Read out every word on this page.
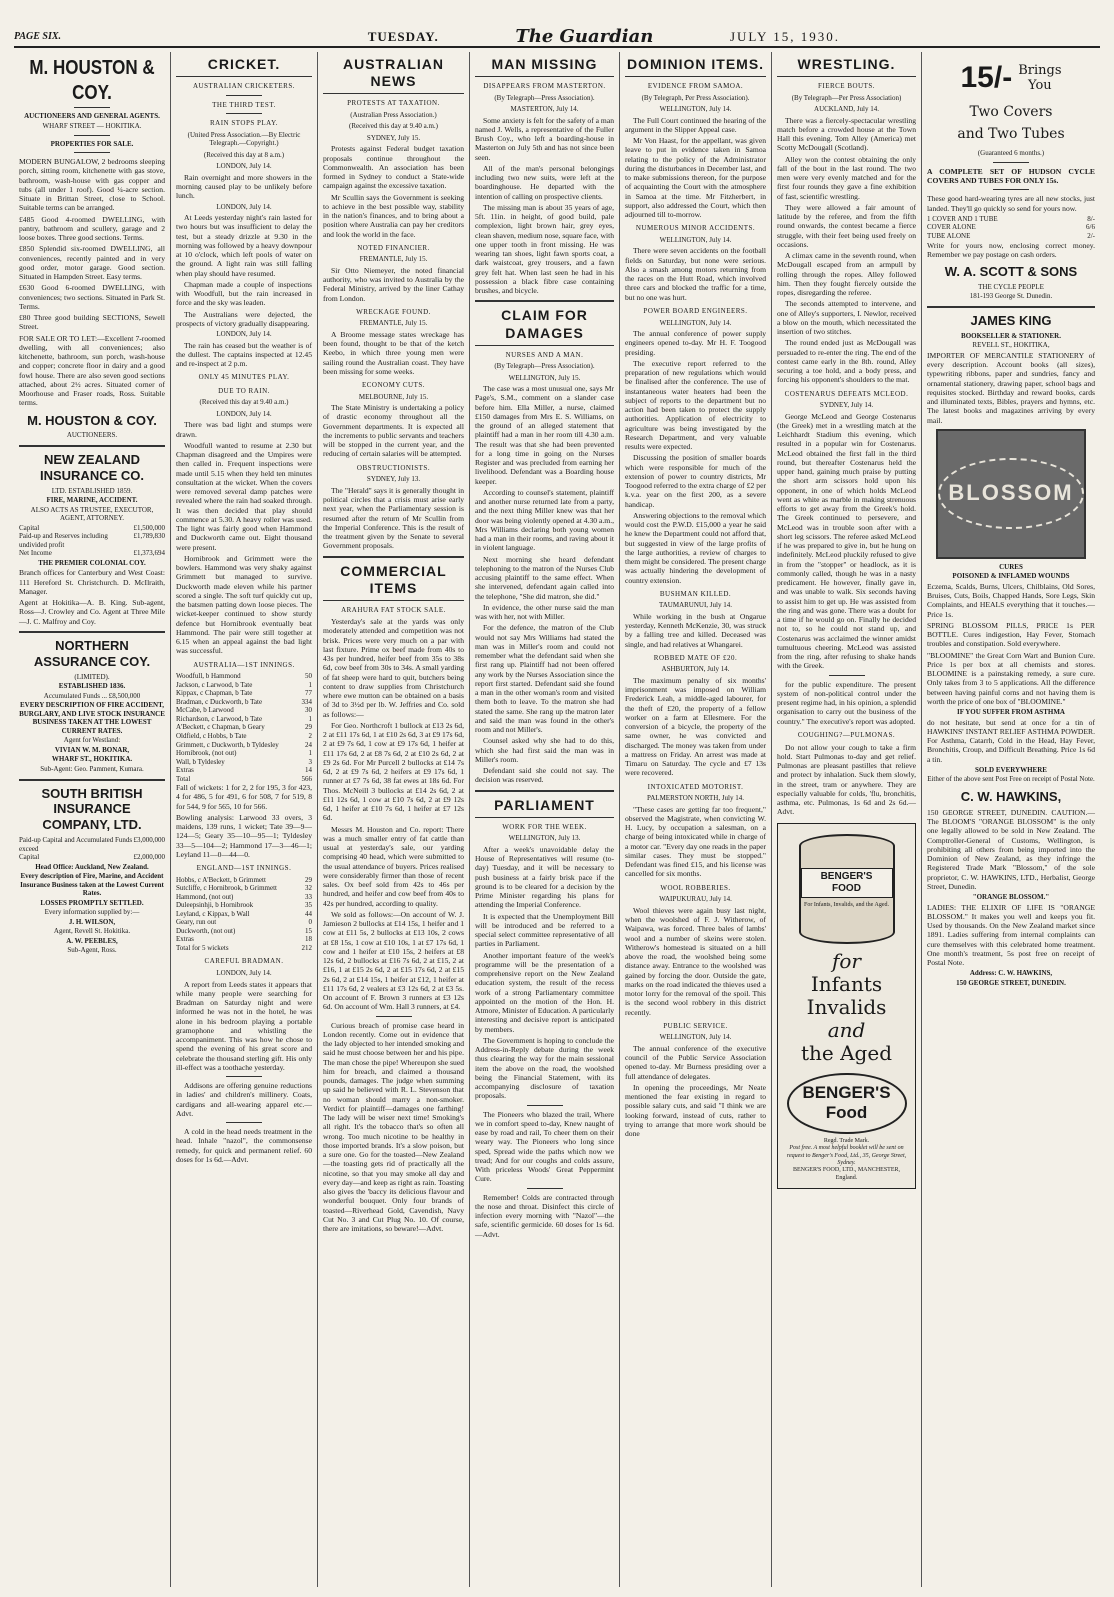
PAGE SIX.	TUESDAY.	The Guardian	JULY 15, 1930.
M. HOUSTON & COY.
AUCTIONEERS AND GENERAL AGENTS.
WHARF STREET — HOKITIKA.
PROPERTIES FOR SALE.

MODERN BUNGALOW, 2 bedrooms sleeping porch, sitting room, kitchenette with gas stove, bathroom, wash-house with gas copper and tubs (all under 1 roof). Good ¼-acre section. Situate in Brittan Street, close to School. Suitable terms can be arranged.

£485 Good 4-roomed DWELLING, with pantry, bathroom and scullery, garage and 2 loose boxes. Three good sections. Terms.

£850 Splendid six-roomed DWELLING, all conveniences, recently painted and in very good order, motor garage. Good section. Situated in Hampden Street. Easy terms.

£630 Good 6-roomed DWELLING, with conveniences; two sections. Situated in Park St. Terms.

£80 Three good building SECTIONS, Sewell Street.

FOR SALE OR TO LET:—Excellent 7-roomed dwelling, with all conveniences; also kitchenette, bathroom, sun porch, wash-house and copper; concrete floor in dairy and a good fowl house. There are also seven good sections attached, about 2½ acres. Situated corner of Moorhouse and Fraser roads, Ross. Suitable terms.

M. HOUSTON & COY.
AUCTIONEERS.
NEW ZEALAND INSURANCE CO.
LTD. ESTABLISHED 1859.
FIRE, MARINE, ACCIDENT.
ALSO ACTS AS TRUSTEE, EXECUTOR, AGENT, ATTORNEY.
Capital	£1,500,000
Paid-up and Reserves including undivided profit
£1,789,830
Net Income	£1,373,694
THE PREMIER COLONIAL COY.

Branch offices for Canterbury and West Coast: 111 Hereford St. Christchurch. D. McIlraith, Manager.

Agent at Hokitika—A. B. King. Sub-agent, Ross—J. Crowley and Co. Agent at Three Mile—J. C. Malfroy and Coy.

NORTHERN ASSURANCE COY.
(LIMITED).
ESTABLISHED 1836.
Accumulated Funds ... £8,500,000
EVERY DESCRIPTION OF FIRE ACCIDENT, BURGLARY, AND LIVE STOCK INSURANCE BUSINESS TAKEN AT THE LOWEST CURRENT RATES.
Agent for Westland:
VIVIAN W. M. BONAR,
WHARF ST., HOKITIKA.
Sub-Agent: Geo. Pamment, Kumara.
SOUTH BRITISH INSURANCE COMPANY, LTD.
Paid-up Capital and Accumulated Funds exceed
£3,000,000
Capital	£2,000,000
Head Office: Auckland, New Zealand.
Every description of Fire, Marine, and Accident Insurance Business taken at the Lowest Current Rates.
LOSSES PROMPTLY SETTLED.
Every information supplied by:—
J. H. WILSON,
Agent, Revell St. Hokitika.
A. W. PEEBLES,
Sub-Agent, Ross.
CRICKET.
AUSTRALIAN CRICKETERS.
THE THIRD TEST.
RAIN STOPS PLAY.
(United Press Association.—By Electric Telegraph.—Copyright.)
(Received this day at 8 a.m.)
LONDON, July 14.

Rain overnight and more showers in the morning caused play to be unlikely before lunch.

LONDON, July 14.

At Leeds yesterday night's rain lasted for two hours but was insufficient to delay the test, but a steady drizzle at 9.30 in the morning was followed by a heavy downpour at 10 o'clock, which left pools of water on the ground. A light rain was still falling when play should have resumed.

Chapman made a couple of inspections with Woodfull, but the rain increased in force and the sky was leaden.

The Australians were dejected, the prospects of victory gradually disappearing.

LONDON, July 14.

The rain has ceased but the weather is of the dullest. The captains inspected at 12.45 and re-inspect at 2 p.m.

ONLY 45 MINUTES PLAY.
DUE TO RAIN.
(Received this day at 9.40 a.m.)
LONDON, July 14.

There was bad light and stumps were drawn.

Woodfull wanted to resume at 2.30 but Chapman disagreed and the Umpires were then called in. Frequent inspections were made until 5.15 when they held ten minutes consultation at the wicket. When the covers were removed several damp patches were revealed where the rain had soaked through. It was then decided that play should commence at 5.30. A heavy roller was used. The light was fairly good when Hammond and Duckworth came out. Eight thousand were present.

Hornibrook and Grimmett were the bowlers. Hammond was very shaky against Grimmett but managed to survive. Duckworth made eleven while his partner scored a single. The soft turf quickly cut up, the batsmen patting down loose pieces. The wicket-keeper continued to show sturdy defence but Hornibrook eventually beat Hammond. The pair were still together at 6.15 when an appeal against the bad light was successful.

AUSTRALIA—1ST INNINGS.
Woodfull, b Hammond	50
Jackson, c Larwood, b Tate	1
Kippax, c Chapman, b Tate	77
Bradman, c Duckworth, b Tate	334
McCabe, b Larwood	30
Richardson, c Larwood, b Tate	1
A'Beckett, c Chapman, b Geary	29
Oldfield, c Hobbs, b Tate	2
Grimmett, c Duckworth, b Tyldesley	24
Hornibrook, (not out)	1
Wall, b Tyldesley	3
Extras	14
Total	566

Fall of wickets: 1 for 2, 2 for 195, 3 for 423, 4 for 486, 5 for 491, 6 for 508, 7 for 519, 8 for 544, 9 for 565, 10 for 566.

Bowling analysis: Larwood 33 overs, 3 maidens, 139 runs, 1 wicket; Tate 39—9—124—5; Geary 35—10—95—1; Tyldesley 33—5—104—2; Hammond 17—3—46—1; Leyland 11—0—44—0.

ENGLAND—1ST INNINGS.
Hobbs, c A'Beckett, b Grimmett	29
Sutcliffe, c Hornibrook, b Grimmett	32
Hammond, (not out)	33
Duleepsinhji, b Hornibrook	35
Leyland, c Kippax, b Wall	44
Geary, run out	0
Duckworth, (not out)	15
Extras	18
Total for 5 wickets	212
CAREFUL BRADMAN.
LONDON, July 14.

A report from Leeds states it appears that while many people were searching for Bradman on Saturday night and were informed he was not in the hotel, he was alone in his bedroom playing a portable gramophone and whistling the accompaniment. This was how he chose to spend the evening of his great score and celebrate the thousand sterling gift. His only ill-effect was a toothache yesterday.

Addisons are offering genuine reductions in ladies' and children's millinery. Coats, cardigans and all-wearing apparel etc.—Advt.

A cold in the head needs treatment in the head. Inhale "nazol", the commonsense remedy, for quick and permanent relief. 60 doses for 1s 6d.—Advt.

AUSTRALIAN NEWS
PROTESTS AT TAXATION.
(Australian Press Association.)
(Received this day at 9.40 a.m.)
SYDNEY, July 15.

Protests against Federal budget taxation proposals continue throughout the Commonwealth. An association has been formed in Sydney to conduct a State-wide campaign against the excessive taxation.

Mr Scullin says the Government is seeking to achieve in the best possible way, stability in the nation's finances, and to bring about a position where Australia can pay her creditors and look the world in the face.

NOTED FINANCIER.
FREMANTLE, July 15.

Sir Otto Niemeyer, the noted financial authority, who was invited to Australia by the Federal Ministry, arrived by the liner Cathay from London.

WRECKAGE FOUND.
FREMANTLE, July 15.

A Broome message states wreckage has been found, thought to be that of the ketch Keebo, in which three young men were sailing round the Australian coast. They have been missing for some weeks.

ECONOMY CUTS.
MELBOURNE, July 15.

The State Ministry is undertaking a policy of drastic economy throughout all the Government departments. It is expected all the increments to public servants and teachers will be stopped in the current year, and the reducing of certain salaries will be attempted.

OBSTRUCTIONISTS.
SYDNEY, July 13.

The "Herald" says it is generally thought in political circles that a crisis must arise early next year, when the Parliamentary session is resumed after the return of Mr Scullin from the Imperial Conference. This is the result of the treatment given by the Senate to several Government proposals.

COMMERCIAL ITEMS
ARAHURA FAT STOCK SALE.

Yesterday's sale at the yards was only moderately attended and competition was not brisk. Prices were very much on a par with last fixture. Prime ox beef made from 40s to 43s per hundred, heifer beef from 35s to 38s 6d, cow beef from 30s to 34s. A small yarding of fat sheep were hard to quit, butchers being content to draw supplies from Christchurch where ewe mutton can be obtained on a basis of 3d to 3½d per lb. W. Jeffries and Co. sold as follows:—

For Geo. Northcroft 1 bullock at £13 2s 6d, 2 at £11 17s 6d, 1 at £10 2s 6d, 3 at £9 17s 6d, 2 at £9 7s 6d, 1 cow at £9 17s 6d, 1 heifer at £11 17s 6d, 2 at £8 7s 6d, 2 at £10 2s 6d, 2 at £9 2s 6d. For Mr Purcell 2 bullocks at £14 7s 6d, 2 at £9 7s 6d, 2 heifers at £9 17s 6d, 1 runner at £7 7s 6d, 38 fat ewes at 18s 6d. For Thos. McNeill 3 bullocks at £14 2s 6d, 2 at £11 12s 6d, 1 cow at £10 7s 6d, 2 at £9 12s 6d, 1 heifer at £10 7s 6d, 1 heifer at £7 12s 6d.

Messrs M. Houston and Co. report: There was a much smaller entry of fat cattle than usual at yesterday's sale, our yarding comprising 40 head, which were submitted to the usual attendance of buyers. Prices realised were considerably firmer than those of recent sales. Ox beef sold from 42s to 46s per hundred, and heifer and cow beef from 40s to 42s per hundred, according to quality.

We sold as follows:—On account of W. J. Jamieson 2 bullocks at £14 15s, 1 heifer and 1 cow at £11 5s, 2 bullocks at £13 10s, 2 cows at £8 15s, 1 cow at £10 10s, 1 at £7 17s 6d, 1 cow and 1 heifer at £10 15s, 2 heifers at £8 12s 6d, 2 bullocks at £16 7s 6d, 2 at £15, 2 at £16, 1 at £15 2s 6d, 2 at £15 17s 6d, 2 at £15 2s 6d, 2 at £14 15s, 1 heifer at £12, 1 heifer at £11 17s 6d, 2 vealers at £3 12s 6d, 2 at £3 5s. On account of F. Brown 3 runners at £3 12s 6d. On account of Wm. Hall 3 runners, at £4.

Curious breach of promise case heard in London recently. Come out in evidence that the lady objected to her intended smoking and said he must choose between her and his pipe. The man chose the pipe! Whereupon she sued him for breach, and claimed a thousand pounds, damages. The judge when summing up said he believed with R. L. Stevenson that no woman should marry a non-smoker. Verdict for plaintiff—damages one farthing! The lady will be wiser next time! Smoking's all right. It's the tobacco that's so often all wrong. Too much nicotine to be healthy in those imported brands. It's a slow poison, but a sure one. Go for the toasted—New Zealand—the toasting gets rid of practically all the nicotine, so that you may smoke all day and every day—and keep as right as rain. Toasting also gives the 'baccy its delicious flavour and wonderful bouquet. Only four brands of toasted—Riverhead Gold, Cavendish, Navy Cut No. 3 and Cut Plug No. 10. Of course, there are imitations, so beware!—Advt.

MAN MISSING
DISAPPEARS FROM MASTERTON.
(By Telegraph—Press Association).
MASTERTON, July 14.

Some anxiety is felt for the safety of a man named J. Wells, a representative of the Fuller Brush Coy., who left a boarding-house in Masterton on July 5th and has not since been seen.

All of the man's personal belongings including two new suits, were left at the boardinghouse. He departed with the intention of calling on prospective clients.

The missing man is about 35 years of age, 5ft. 11in. in height, of good build, pale complexion, light brown hair, grey eyes, clean shaven, medium nose, square face, with one upper tooth in front missing. He was wearing tan shoes, light fawn sports coat, a dark waistcoat, grey trousers, and a fawn grey felt hat. When last seen he had in his possession a black fibre case containing brushes, and bicycle.

CLAIM FOR DAMAGES
NURSES AND A MAN.
(By Telegraph—Press Association).
WELLINGTON, July 15.

The case was a most unusual one, says Mr Page's, S.M., comment on a slander case before him. Ella Miller, a nurse, claimed £150 damages from Mrs E. S. Williams, on the ground of an alleged statement that plaintiff had a man in her room till 4.30 a.m. The result was that she had been prevented for a long time in going on the Nurses Register and was precluded from earning her livelihood. Defendant was a Boarding house keeper.

According to counsel's statement, plaintiff and another nurse returned late from a party, and the next thing Miller knew was that her door was being violently opened at 4.30 a.m., Mrs Williams declaring both young women had a man in their rooms, and raving about it in violent language.

Next morning she heard defendant telephoning to the matron of the Nurses Club accusing plaintiff to the same effect. When she intervened, defendant again called into the telephone, "She did matron, she did."

In evidence, the other nurse said the man was with her, not with Miller.

For the defence, the matron of the Club would not say Mrs Williams had stated the man was in Miller's room and could not remember what the defendant said when she first rang up. Plaintiff had not been offered any work by the Nurses Association since the report first started. Defendant said she found a man in the other woman's room and visited them both to leave. To the matron she had stated the same. She rang up the matron later and said the man was found in the other's room and not Miller's.

Counsel asked why she had to do this, which she had first said the man was in Miller's room.

Defendant said she could not say. The decision was reserved.

PARLIAMENT
WORK FOR THE WEEK.
WELLINGTON, July 13.

After a week's unavoidable delay the House of Representatives will resume (to-day) Tuesday, and it will be necessary to push business at a fairly brisk pace if the ground is to be cleared for a decision by the Prime Minister regarding his plans for attending the Imperial Conference.

It is expected that the Unemployment Bill will be introduced and be referred to a special select committee representative of all parties in Parliament.

Another important feature of the week's programme will be the presentation of a comprehensive report on the New Zealand education system, the result of the recess work of a strong Parliamentary committee appointed on the motion of the Hon. H. Atmore, Minister of Education. A particularly interesting and decisive report is anticipated by members.

The Government is hoping to conclude the Address-in-Reply debate during the week thus clearing the way for the main sessional item the above on the road, the woolshed being the Financial Statement, with its accompanying disclosure of taxation proposals.

The Pioneers who blazed the trail, Where we in comfort speed to-day, Knew naught of ease by road and rail, To cheer them on their weary way. The Pioneers who long since sped, Spread wide the paths which now we tread; And for our coughs and colds assure, With priceless Woods' Great Peppermint Cure.

Remember! Colds are contracted through the nose and throat. Disinfect this circle of infection every morning with "Nazol"—the safe, scientific germicide. 60 doses for 1s 6d.—Advt.

DOMINION ITEMS.
EVIDENCE FROM SAMOA.
(By Telegraph, Per Press Association).
WELLINGTON, July 14.

The Full Court continued the hearing of the argument in the Slipper Appeal case.

Mr Von Haast, for the appellant, was given leave to put in evidence taken in Samoa relating to the policy of the Administrator during the disturbances in December last, and to make submissions thereon, for the purpose of acquainting the Court with the atmosphere in Samoa at the time. Mr Fitzherbert, in support, also addressed the Court, which then adjourned till to-morrow.

NUMEROUS MINOR ACCIDENTS.
WELLINGTON, July 14.

There were seven accidents on the football fields on Saturday, but none were serious. Also a smash among motors returning from the races on the Hutt Road, which involved three cars and blocked the traffic for a time, but no one was hurt.

POWER BOARD ENGINEERS.
WELLINGTON, July 14.

The annual conference of power supply engineers opened to-day. Mr H. F. Toogood presiding.

The executive report referred to the preparation of new regulations which would be finalised after the conference. The use of instantaneous water heaters had been the subject of reports to the department but no action had been taken to protect the supply authorities. Application of electricity to agriculture was being investigated by the Research Department, and very valuable results were expected.

Discussing the position of smaller boards which were responsible for much of the extension of power to country districts, Mr Toogood referred to the extra charge of £2 per k.v.a. year on the first 200, as a severe handicap.

Answering objections to the removal which would cost the P.W.D. £15,000 a year he said he knew the Department could not afford that, but suggested in view of the large profits of the large authorities, a review of charges to them might be considered. The present charge was actually hindering the development of country extension.

BUSHMAN KILLED.
TAUMARUNUI, July 14.

While working in the bush at Ongarue yesterday, Kenneth McKenzie, 30, was struck by a falling tree and killed. Deceased was single, and had relatives at Whangarei.

ROBBED MATE OF £20.
ASHBURTON, July 14.

The maximum penalty of six months' imprisonment was imposed on William Frederick Leah, a middle-aged labourer, for the theft of £20, the property of a fellow worker on a farm at Ellesmere. For the conversion of a bicycle, the property of the same owner, he was convicted and discharged. The money was taken from under a mattress on Friday. An arrest was made at Timaru on Saturday. The cycle and £7 13s were recovered.

INTOXICATED MOTORIST.
PALMERSTON NORTH, July 14.

"These cases are getting far too frequent," observed the Magistrate, when convicting W. H. Lucy, by occupation a salesman, on a charge of being intoxicated while in charge of a motor car. "Every day one reads in the paper similar cases. They must be stopped." Defendant was fined £15, and his license was cancelled for six months.

WOOL ROBBERIES.
WAIPUKURAU, July 14.

Wool thieves were again busy last night, when the woolshed of F. J. Witherow, of Waipawa, was forced. Three bales of lambs' wool and a number of skeins were stolen. Witherow's homestead is situated on a hill above the road, the woolshed being some distance away. Entrance to the woolshed was gained by forcing the door. Outside the gate, marks on the road indicated the thieves used a motor lorry for the removal of the spoil. This is the second wool robbery in this district recently.

PUBLIC SERVICE.
WELLINGTON, July 14.

The annual conference of the executive council of the Public Service Association opened to-day. Mr Burness presiding over a full attendance of delegates.

In opening the proceedings, Mr Neate mentioned the fear existing in regard to possible salary cuts, and said "I think we are looking forward, instead of cuts, rather to trying to arrange that more work should be done

WRESTLING.
FIERCE BOUTS.
(By Telegraph—Per Press Association)
AUCKLAND, July 14.

There was a fiercely-spectacular wrestling match before a crowded house at the Town Hall this evening. Tom Alley (America) met Scotty McDougall (Scotland).

Alley won the contest obtaining the only fall of the bout in the last round. The two men were very evenly matched and for the first four rounds they gave a fine exhibition of fast, scientific wrestling.

They were allowed a fair amount of latitude by the referee, and from the fifth round onwards, the contest became a fierce struggle, with their feet being used freely on occasions.

A climax came in the seventh round, when McDougall escaped from an armpull by rolling through the ropes. Alley followed him. Then they fought fiercely outside the ropes, disregarding the referee.

The seconds attempted to intervene, and one of Alley's supporters, I. Newlor, received a blow on the mouth, which necessitated the insertion of two stitches.

The round ended just as McDougall was persuaded to re-enter the ring. The end of the contest came early in the 8th. round, Alley securing a toe hold, and a body press, and forcing his opponent's shoulders to the mat.

COSTENARUS DEFEATS MCLEOD.
SYDNEY, July 14.

George McLeod and George Costenarus (the Greek) met in a wrestling match at the Leichhardt Stadium this evening, which resulted in a popular win for Costenarus. McLeod obtained the first fall in the third round, but thereafter Costenarus held the upper hand, gaining much praise by putting the short arm scissors hold upon his opponent, in one of which holds McLeod went as white as marble in making strenuous efforts to get away from the Greek's hold. The Greek continued to persevere, and McLeod was in trouble soon after with a short leg scissors. The referee asked McLeod if he was prepared to give in, but he hung on indefinitely. McLeod pluckily refused to give in from the "stopper" or headlock, as it is commonly called, though he was in a nasty predicament. He however, finally gave in, and was unable to walk. Six seconds having to assist him to get up. He was assisted from the ring and was gone. There was a doubt for a time if he would go on. Finally he decided not to, so he could not stand up, and Costenarus was acclaimed the winner amidst tumultuous cheering. McLeod was assisted from the ring, after refusing to shake hands with the Greek.

for the public expenditure. The present system of non-political control under the present regime had, in his opinion, a splendid organisation to carry out the business of the country." The executive's report was adopted.

COUGHING?—PULMONAS.

Do not allow your cough to take a firm hold. Start Pulmonas to-day and get relief. Pulmonas are pleasant pastilles that relieve and protect by inhalation. Suck them slowly, in the street, tram or anywhere. They are especially valuable for colds, 'flu, bronchitis, asthma, etc. Pulmonas, 1s 6d and 2s 6d.—Advt.

BENGER'S FOOD
For Infants, Invalids, and the Aged.
for
Infants
Invalids
and
the Aged
BENGER'S Food
Regd. Trade Mark.
Post free. A most helpful booklet will be sent on request to Benger's Food, Ltd., 35, George Street, Sydney.
BENGER'S FOOD, LTD., MANCHESTER, England.
15/- Brings
You
Two Covers
and Two Tubes
(Guaranteed 6 months.)

A COMPLETE SET OF HUDSON CYCLE COVERS AND TUBES FOR ONLY 15s.

These good hard-wearing tyres are all new stocks, just landed. They'll go quickly so send for yours now.

1 COVER AND 1 TUBE	8/-
COVER ALONE	6/6
TUBE ALONE	2/-

Write for yours now, enclosing correct money. Remember we pay postage on cash orders.

W. A. SCOTT & SONS
THE CYCLE PEOPLE
181-193 George St. Dunedin.
JAMES KING
BOOKSELLER & STATIONER.
REVELL ST., HOKITIKA,

IMPORTER OF MERCANTILE STATIONERY of every description. Account books (all sizes), typewriting ribbons, paper and sundries, fancy and ornamental stationery, drawing paper, school bags and requisites stocked. Birthday and reward books, cards and illuminated texts, Bibles, prayers and hymns, etc. The latest books and magazines arriving by every mail.

BLOSSOM
CURES
POISONED & INFLAMED WOUNDS

Eczema, Scalds, Burns, Ulcers, Chilblains, Old Sores, Bruises, Cuts, Boils, Chapped Hands, Sore Legs, Skin Complaints, and HEALS everything that it touches.—Price 1s.

SPRING BLOSSOM PILLS, PRICE 1s PER BOTTLE. Cures indigestion, Hay Fever, Stomach troubles and constipation. Sold everywhere.

"BLOOMINE" the Great Corn Wart and Bunion Cure. Price 1s per box at all chemists and stores. BLOOMINE is a painstaking remedy, a sure cure. Only takes from 3 to 5 applications. All the difference between having painful corns and not having them is worth the price of one box of "BLOOMINE."

IF YOU SUFFER FROM ASTHMA

do not hesitate, but send at once for a tin of HAWKINS' INSTANT RELIEF ASTHMA POWDER. For Asthma, Catarrh, Cold in the Head, Hay Fever, Bronchitis, Croup, and Difficult Breathing. Price 1s 6d a tin.

SOLD EVERYWHERE
Either of the above sent Post Free on receipt of Postal Note.
C. W. HAWKINS,

150 GEORGE STREET, DUNEDIN. CAUTION.—The BLOOM'S "ORANGE BLOSSOM" is the only one legally allowed to be sold in New Zealand. The Comptroller-General of Customs, Wellington, is prohibiting all others from being imported into the Dominion of New Zealand, as they infringe the Registered Trade Mark "Blossom," of the sole proprietor, C. W. HAWKINS, LTD., Herbalist, George Street, Dunedin.

"ORANGE BLOSSOM."

LADIES: THE ELIXIR OF LIFE IS "ORANGE BLOSSOM." It makes you well and keeps you fit. Used by thousands. On the New Zealand market since 1891. Ladies suffering from internal complaints can cure themselves with this celebrated home treatment. One month's treatment, 5s post free on receipt of Postal Note.

Address: C. W. HAWKINS,
150 GEORGE STREET, DUNEDIN.
